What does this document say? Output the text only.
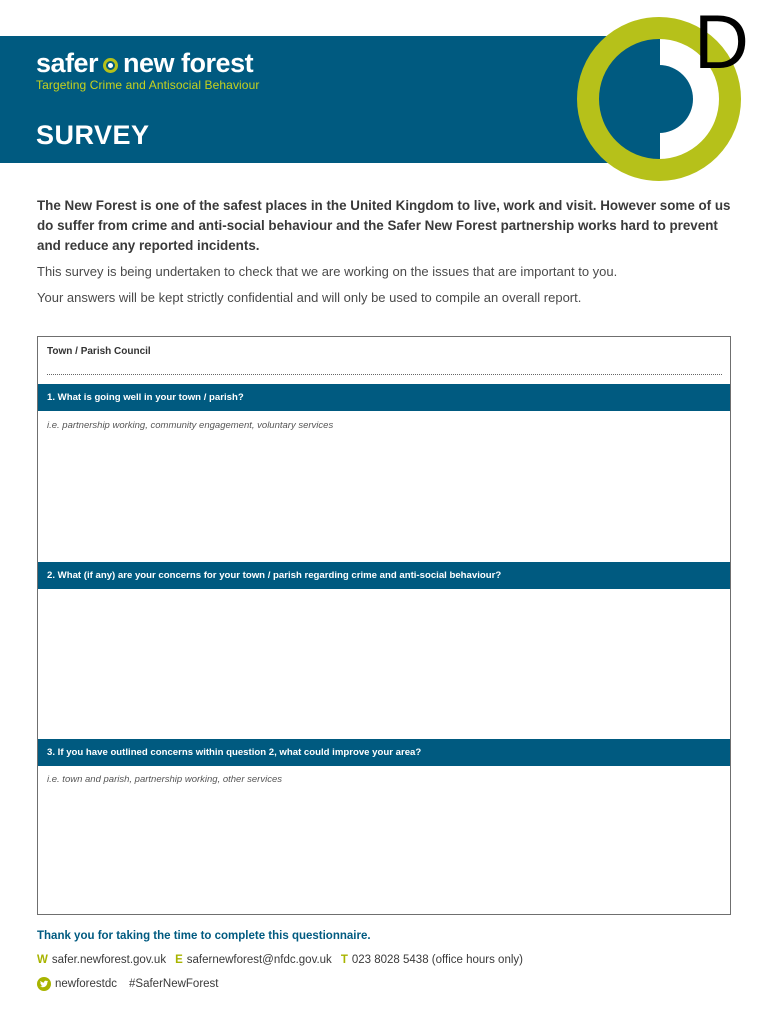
safer new forest
Targeting Crime and Antisocial Behaviour
SURVEY
D

The New Forest is one of the safest places in the United Kingdom to live, work and visit. However some of us do suffer from crime and anti-social behaviour and the Safer New Forest partnership works hard to prevent and reduce any reported incidents.

This survey is being undertaken to check that we are working on the issues that are important to you.

Your answers will be kept strictly confidential and will only be used to compile an overall report.

Town / Parish Council
1. What is going well in your town / parish?
i.e. partnership working, community engagement, voluntary services
2. What (if any) are your concerns for your town / parish regarding crime and anti-social behaviour?
3. If you have outlined concerns within question 2, what could improve your area?
i.e. town and parish, partnership working, other services
Thank you for taking the time to complete this questionnaire.
W safer.newforest.gov.uk E safernewforest@nfdc.gov.uk T 023 8028 5438 (office hours only)
newforestdc #SaferNewForest
